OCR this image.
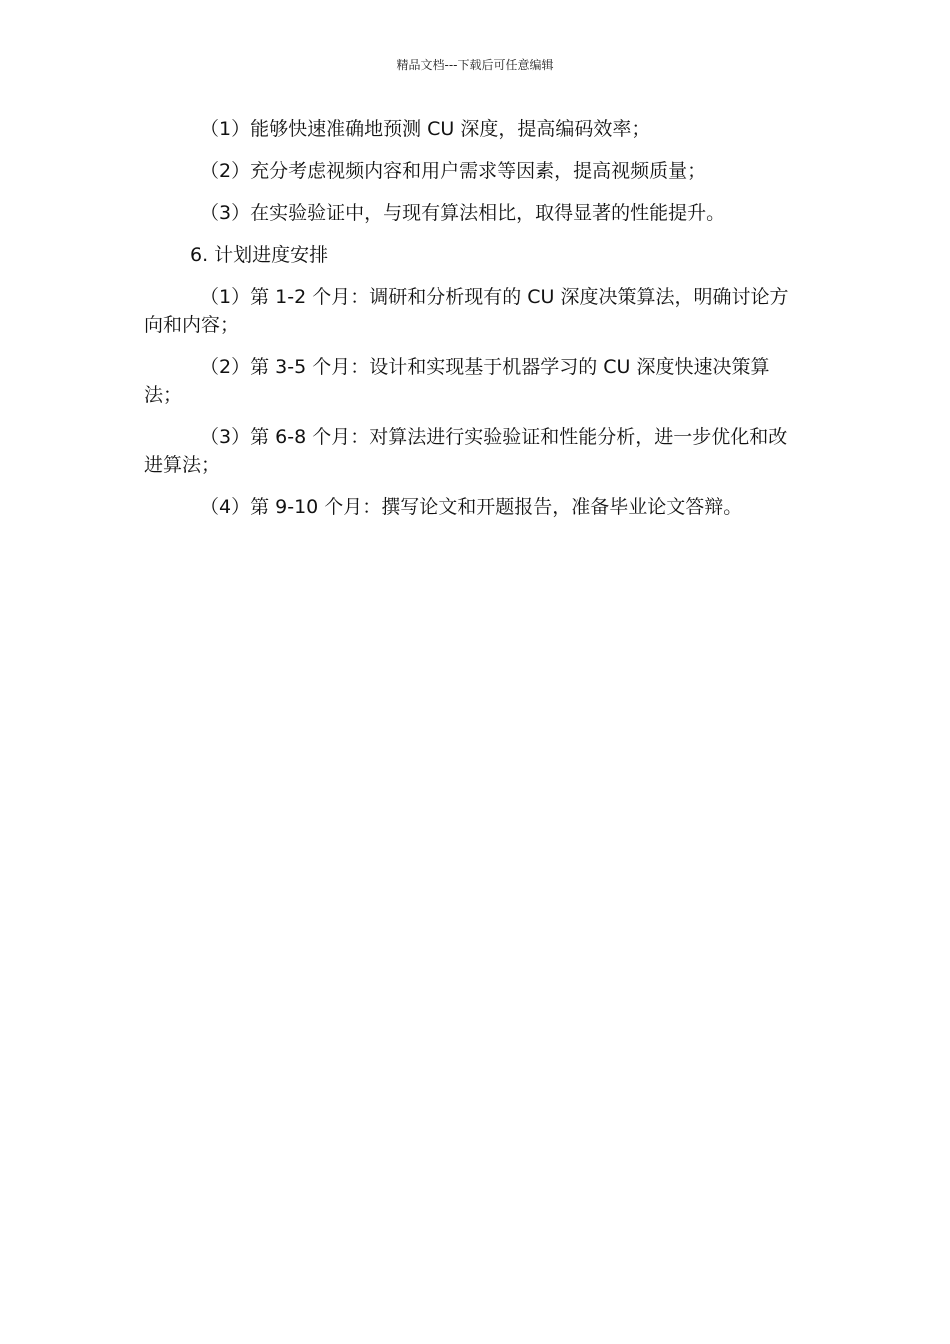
精品文档---下载后可任意编辑

（1）能够快速准确地预测 CU 深度，提高编码效率；

（2）充分考虑视频内容和用户需求等因素，提高视频质量；

（3）在实验验证中，与现有算法相比，取得显著的性能提升。

6. 计划进度安排

（1）第 1-2 个月：调研和分析现有的 CU 深度决策算法，明确讨论方向和内容；

（2）第 3-5 个月：设计和实现基于机器学习的 CU 深度快速决策算法；

（3）第 6-8 个月：对算法进行实验验证和性能分析，进一步优化和改进算法；

（4）第 9-10 个月：撰写论文和开题报告，准备毕业论文答辩。
